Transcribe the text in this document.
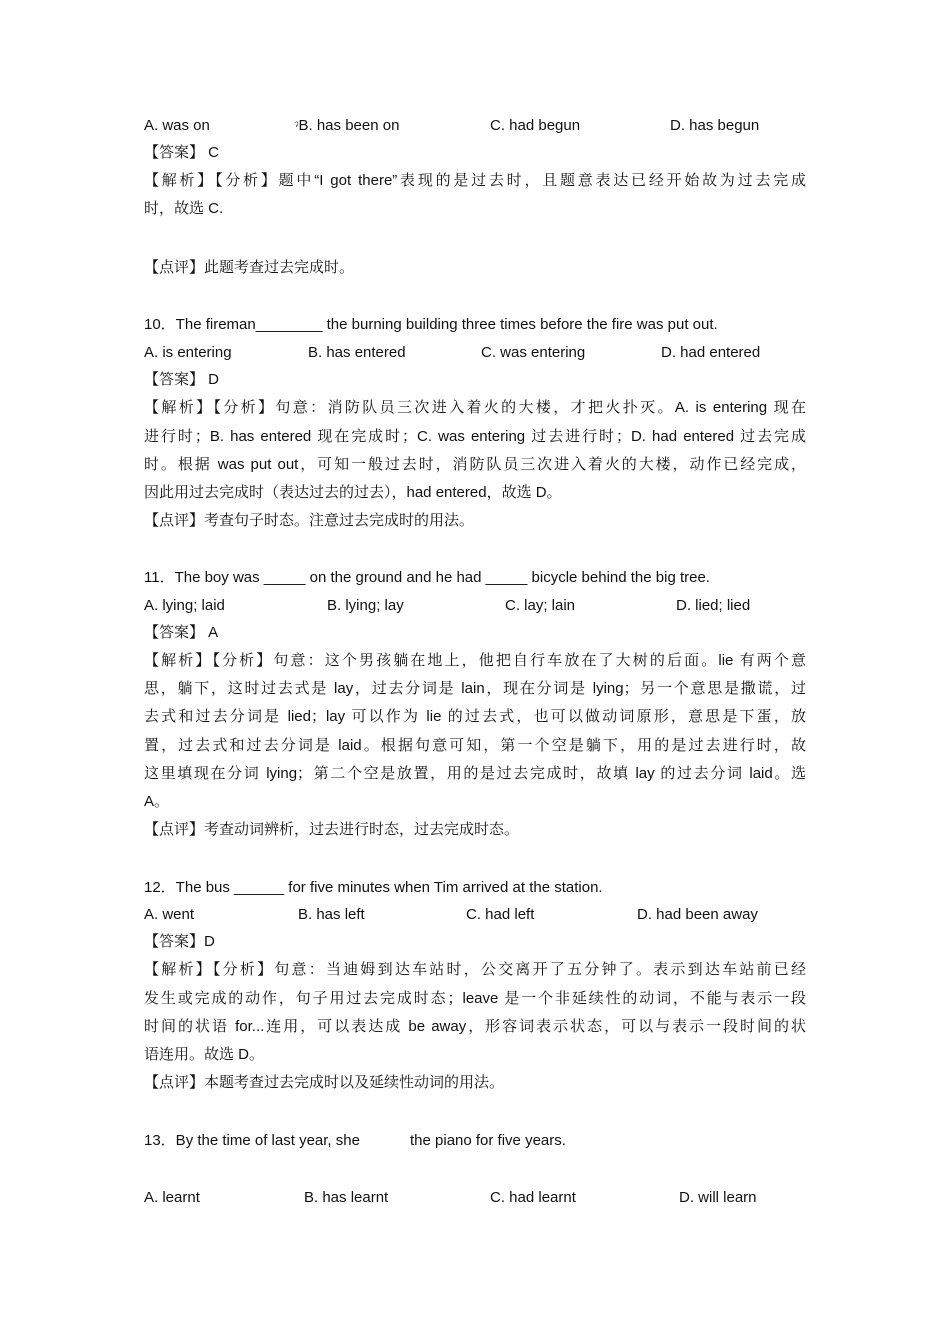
A. was on	ʔB. has been on	C. had begun	D. has begun
【答案】 C
【解析】【分析】题中“I got there”表现的是过去时，且题意表达已经开始故为过去完成
时，故选 C.
【点评】此题考查过去完成时。
10．The fireman________ the burning building three times before the fire was put out.
A. is entering	B. has entered	C. was entering	D. had entered
【答案】 D
【解析】【分析】句意：消防队员三次进入着火的大楼，才把火扑灭。A. is entering 现在
进行时；B. has entered 现在完成时；C. was entering 过去进行时；D. had entered 过去完成
时。根据 was put out，可知一般过去时，消防队员三次进入着火的大楼，动作已经完成，
因此用过去完成时（表达过去的过去），had entered，故选 D。
【点评】考查句子时态。注意过去完成时的用法。
11．The boy was _____ on the ground and he had _____ bicycle behind the big tree.
A. lying; laid	B. lying; lay	C. lay; lain	D. lied; lied
【答案】 A
【解析】【分析】句意：这个男孩躺在地上，他把自行车放在了大树的后面。lie 有两个意
思，躺下，这时过去式是 lay，过去分词是 lain，现在分词是 lying；另一个意思是撒谎，过
去式和过去分词是 lied；lay 可以作为 lie 的过去式，也可以做动词原形，意思是下蛋，放
置，过去式和过去分词是 laid。根据句意可知，第一个空是躺下，用的是过去进行时，故
这里填现在分词 lying；第二个空是放置，用的是过去完成时，故填 lay 的过去分词 laid。选
A。
【点评】考查动词辨析，过去进行时态，过去完成时态。
12．The bus ______ for five minutes when Tim arrived at the station.
A. went	B. has left	C. had left	D. had been away
【答案】D
【解析】【分析】句意：当迪姆到达车站时，公交离开了五分钟了。表示到达车站前已经
发生或完成的动作，句子用过去完成时态；leave 是一个非延续性的动词，不能与表示一段
时间的状语 for...连用，可以表达成 be away，形容词表示状态，可以与表示一段时间的状
语连用。故选 D。
【点评】本题考查过去完成时以及延续性动词的用法。
13．By the time of last year, she	the piano for five years.
A. learnt	B. has learnt	C. had learnt	D. will learn
